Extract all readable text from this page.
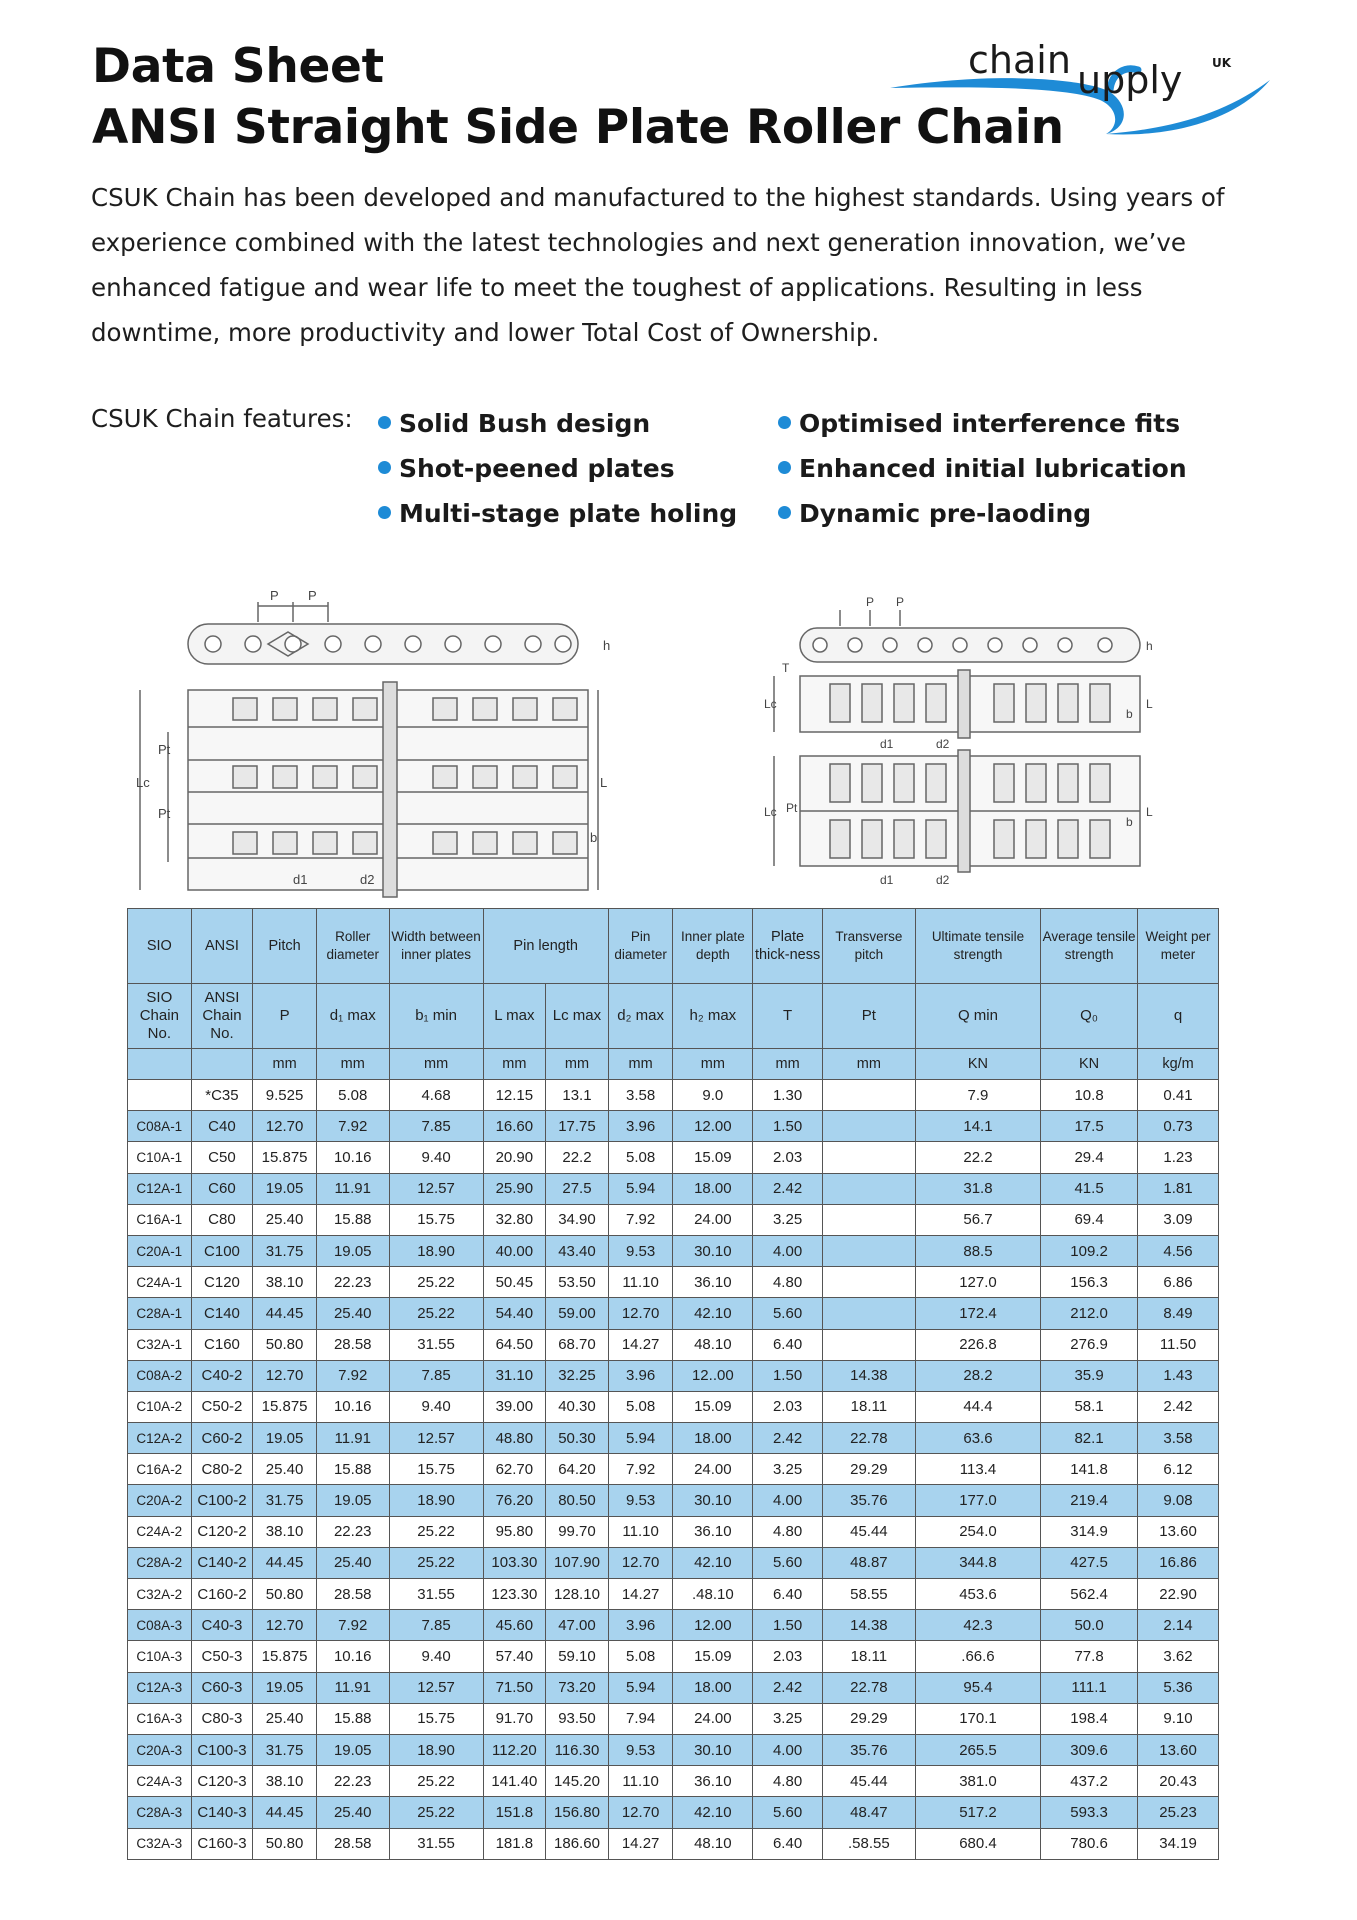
Data Sheet
ANSI Straight Side Plate Roller Chain
chain upply UK
CSUK Chain has been developed and manufactured to the highest standards. Using years of experience combined with the latest technologies and next generation innovation, we’ve enhanced fatigue and wear life to meet the toughest of applications. Resulting in less downtime, more productivity and lower Total Cost of Ownership.
CSUK Chain features:	Solid Bush design
Shot-peened plates
Multi-stage plate holing
Optimised interference fits
Enhanced initial lubrication
Dynamic pre-laoding
P P
h
L
Lc
Pt
Pt
b
d1	d2
P P
h
T
Lc	L
b
d1	d2
Lc Pt	L
b
d1	d2
SIO	ANSI	Pitch	Roller diameter	Width between inner plates	Pin length		Pin diameter	Inner plate depth	Plate thick-ness	Transverse pitch	Ultimate tensile strength	Average tensile strength	Weight per meter
SIO Chain No.	ANSI Chain No.	P	d₁ max	b₁ min	L max	Lc max	d₂ max	h₂ max	T	Pt	Q min	Q₀	q
		mm	mm	mm	mm	mm	mm	mm	mm	mm	KN	KN	kg/m
	*C35	9.525	5.08	4.68	12.15	13.1	3.58	9.0	1.30		7.9	10.8	0.41
C08A-1	C40	12.70	7.92	7.85	16.60	17.75	3.96	12.00	1.50		14.1	17.5	0.73
C10A-1	C50	15.875	10.16	9.40	20.90	22.2	5.08	15.09	2.03		22.2	29.4	1.23
C12A-1	C60	19.05	11.91	12.57	25.90	27.5	5.94	18.00	2.42		31.8	41.5	1.81
C16A-1	C80	25.40	15.88	15.75	32.80	34.90	7.92	24.00	3.25		56.7	69.4	3.09
C20A-1	C100	31.75	19.05	18.90	40.00	43.40	9.53	30.10	4.00		88.5	109.2	4.56
C24A-1	C120	38.10	22.23	25.22	50.45	53.50	11.10	36.10	4.80		127.0	156.3	6.86
C28A-1	C140	44.45	25.40	25.22	54.40	59.00	12.70	42.10	5.60		172.4	212.0	8.49
C32A-1	C160	50.80	28.58	31.55	64.50	68.70	14.27	48.10	6.40		226.8	276.9	11.50
C08A-2	C40-2	12.70	7.92	7.85	31.10	32.25	3.96	12..00	1.50	14.38	28.2	35.9	1.43
C10A-2	C50-2	15.875	10.16	9.40	39.00	40.30	5.08	15.09	2.03	18.11	44.4	58.1	2.42
C12A-2	C60-2	19.05	11.91	12.57	48.80	50.30	5.94	18.00	2.42	22.78	63.6	82.1	3.58
C16A-2	C80-2	25.40	15.88	15.75	62.70	64.20	7.92	24.00	3.25	29.29	113.4	141.8	6.12
C20A-2	C100-2	31.75	19.05	18.90	76.20	80.50	9.53	30.10	4.00	35.76	177.0	219.4	9.08
C24A-2	C120-2	38.10	22.23	25.22	95.80	99.70	11.10	36.10	4.80	45.44	254.0	314.9	13.60
C28A-2	C140-2	44.45	25.40	25.22	103.30	107.90	12.70	42.10	5.60	48.87	344.8	427.5	16.86
C32A-2	C160-2	50.80	28.58	31.55	123.30	128.10	14.27	.48.10	6.40	58.55	453.6	562.4	22.90
C08A-3	C40-3	12.70	7.92	7.85	45.60	47.00	3.96	12.00	1.50	14.38	42.3	50.0	2.14
C10A-3	C50-3	15.875	10.16	9.40	57.40	59.10	5.08	15.09	2.03	18.11	.66.6	77.8	3.62
C12A-3	C60-3	19.05	11.91	12.57	71.50	73.20	5.94	18.00	2.42	22.78	95.4	111.1	5.36
C16A-3	C80-3	25.40	15.88	15.75	91.70	93.50	7.94	24.00	3.25	29.29	170.1	198.4	9.10
C20A-3	C100-3	31.75	19.05	18.90	112.20	116.30	9.53	30.10	4.00	35.76	265.5	309.6	13.60
C24A-3	C120-3	38.10	22.23	25.22	141.40	145.20	11.10	36.10	4.80	45.44	381.0	437.2	20.43
C28A-3	C140-3	44.45	25.40	25.22	151.8	156.80	12.70	42.10	5.60	48.47	517.2	593.3	25.23
C32A-3	C160-3	50.80	28.58	31.55	181.8	186.60	14.27	48.10	6.40	.58.55	680.4	780.6	34.19
